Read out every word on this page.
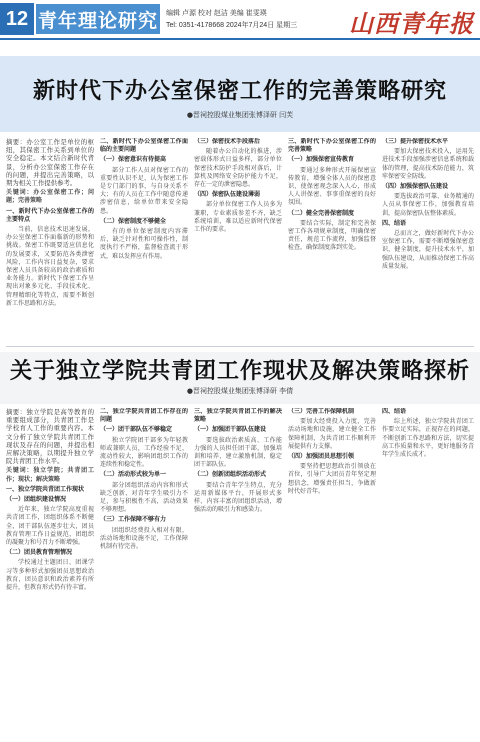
12 青年理论研究 编辑 卢源 校对 赵洁 美编 崔雯瑛
Tel: 0351-4178668 2024年7月24日 星期三 山西青年报
新时代下办公室保密工作的完善策略研究
●晋祠控股煤业集团张博泽研 闫芙

摘要：办公室工作是单位的枢纽，其保密工作关系到单位的安全稳定。本文结合新时代背景，分析办公室保密工作存在的问题，并提出完善策略，以期为相关工作提供参考。

关键词：办公室保密工作；问题；完善策略

一、新时代下办公室保密工作的主要特点

当前，信息技术迅速发展，办公室保密工作面临新的形势和挑战。保密工作既要适应信息化的发展要求，又要防范各类泄密风险，工作内容日益复杂，要求保密人员具备较高的政治素质和业务能力。新时代下保密工作呈现出对象多元化、手段技术化、管理精细化等特点，需要不断创新工作思路和方法。

二、新时代下办公室保密工作面临的主要问题

（一）保密意识有待提高

部分工作人员对保密工作的重要性认识不足，认为保密工作是专门部门的事，与自身关系不大；有的人员在工作中随意传递涉密信息，给单位带来安全隐患。

（二）保密制度不够健全

有的单位保密制度内容滞后，缺乏针对性和可操作性，制度执行不严格，监督检查流于形式，难以发挥应有作用。

（三）保密技术手段落后

随着办公自动化的推进，涉密载体形式日益多样，部分单位保密技术防护手段相对落后，计算机及网络安全防护能力不足，存在一定的泄密隐患。

（四）保密队伍建设薄弱

部分单位保密工作人员多为兼职，专业素质参差不齐，缺乏系统培训，难以适应新时代保密工作的要求。

三、新时代下办公室保密工作的完善策略

（一）加强保密宣传教育

要通过多种形式开展保密宣传教育，增强全体人员的保密意识，使保密观念深入人心，形成人人讲保密、事事重保密的良好氛围。

（二）健全完善保密制度

要结合实际，制定和完善保密工作各项规章制度，明确保密责任，规范工作流程，加强监督检查，确保制度落到实处。

（三）提升保密技术水平

要加大保密技术投入，运用先进技术手段加强涉密信息系统和载体的管理，提高技术防范能力，筑牢保密安全防线。

（四）加强保密队伍建设

要选拔政治可靠、业务精通的人员从事保密工作，加强教育培训，提高保密队伍整体素质。

四、结语

总而言之，做好新时代下办公室保密工作，需要不断增强保密意识，健全制度，提升技术水平，加强队伍建设，从而推动保密工作高质量发展。

关于独立学院共青团工作现状及解决策略探析
●晋祠控股煤业集团张博泽研 李倩

摘要：独立学院是高等教育的重要组成部分，共青团工作是学校育人工作的重要内容。本文分析了独立学院共青团工作现状及存在的问题，并提出相应解决策略，以期提升独立学院共青团工作水平。

关键词：独立学院；共青团工作；现状；解决策略

一、独立学院共青团工作现状

（一）团组织建设情况

近年来，独立学院高度重视共青团工作，团组织体系不断健全，团干部队伍逐步壮大，团员教育管理工作日益规范，团组织的凝聚力和号召力不断增强。

（二）团员教育管理情况

学校通过主题团日、团课学习等多种形式加强团员思想政治教育，团员意识和政治素养有所提升，但教育形式仍有待丰富。

二、独立学院共青团工作存在的问题

（一）团干部队伍不够稳定

独立学院团干部多为年轻教师或兼职人员，工作经验不足，流动性较大，影响团组织工作的连续性和稳定性。

（二）活动形式较为单一

部分团组织活动内容和形式缺乏创新，对青年学生吸引力不足，参与积极性不高，活动效果不够理想。

（三）工作保障不够有力

团组织经费投入相对有限，活动场地和设施不足，工作保障机制有待完善。

三、独立学院共青团工作的解决策略

（一）加强团干部队伍建设

要选拔政治素质高、工作能力强的人员担任团干部，加强培训和培养，建立激励机制，稳定团干部队伍。

（二）创新团组织活动形式

要结合青年学生特点，充分运用新媒体平台，开展形式多样、内容丰富的团组织活动，增强活动的吸引力和感染力。

（三）完善工作保障机制

要加大经费投入力度，完善活动场地和设施，建立健全工作保障机制，为共青团工作顺利开展提供有力支撑。

（四）加强团员思想引领

要坚持把思想政治引领放在首位，引导广大团员青年坚定理想信念，增强责任担当，争做新时代好青年。

四、结语

综上所述，独立学院共青团工作要立足实际，正视存在的问题，不断创新工作思路和方法，切实提高工作质量和水平，更好地服务青年学生成长成才。
